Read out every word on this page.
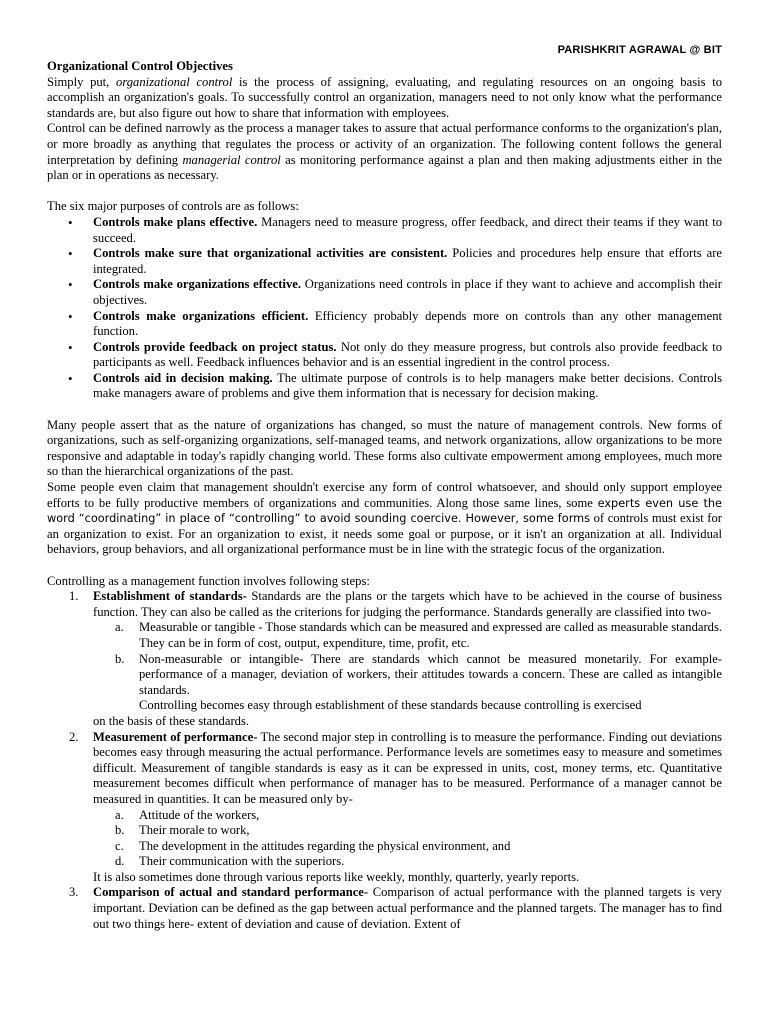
PARISHKRIT AGRAWAL @ BIT

Organizational Control Objectives

Simply put, organizational control is the process of assigning, evaluating, and regulating resources on an ongoing basis to accomplish an organization's goals. To successfully control an organization, managers need to not only know what the performance standards are, but also figure out how to share that information with employees.

Control can be defined narrowly as the process a manager takes to assure that actual performance conforms to the organization's plan, or more broadly as anything that regulates the process or activity of an organization. The following content follows the general interpretation by defining managerial control as monitoring performance against a plan and then making adjustments either in the plan or in operations as necessary.

The six major purposes of controls are as follows:

• Controls make plans effective. Managers need to measure progress, offer feedback, and direct their teams if they want to succeed.
• Controls make sure that organizational activities are consistent. Policies and procedures help ensure that efforts are integrated.
• Controls make organizations effective. Organizations need controls in place if they want to achieve and accomplish their objectives.
• Controls make organizations efficient. Efficiency probably depends more on controls than any other management function.
• Controls provide feedback on project status. Not only do they measure progress, but controls also provide feedback to participants as well. Feedback influences behavior and is an essential ingredient in the control process.
• Controls aid in decision making. The ultimate purpose of controls is to help managers make better decisions. Controls make managers aware of problems and give them information that is necessary for decision making.

Many people assert that as the nature of organizations has changed, so must the nature of management controls. New forms of organizations, such as self-organizing organizations, self-managed teams, and network organizations, allow organizations to be more responsive and adaptable in today's rapidly changing world. These forms also cultivate empowerment among employees, much more so than the hierarchical organizations of the past.

Some people even claim that management shouldn't exercise any form of control whatsoever, and should only support employee efforts to be fully productive members of organizations and communities. Along those same lines, some experts even use the word “coordinating” in place of “controlling” to avoid sounding coercive. However, some forms of controls must exist for an organization to exist. For an organization to exist, it needs some goal or purpose, or it isn't an organization at all. Individual behaviors, group behaviors, and all organizational performance must be in line with the strategic focus of the organization.

Controlling as a management function involves following steps:

1. Establishment of standards- Standards are the plans or the targets which have to be achieved in the course of business function. They can also be called as the criterions for judging the performance. Standards generally are classified into two-
a. Measurable or tangible - Those standards which can be measured and expressed are called as measurable standards. They can be in form of cost, output, expenditure, time, profit, etc.
b. Non-measurable or intangible- There are standards which cannot be measured monetarily. For example- performance of a manager, deviation of workers, their attitudes towards a concern. These are called as intangible standards.

Controlling becomes easy through establishment of these standards because controlling is exercised

on the basis of these standards.

2. Measurement of performance- The second major step in controlling is to measure the performance. Finding out deviations becomes easy through measuring the actual performance. Performance levels are sometimes easy to measure and sometimes difficult. Measurement of tangible standards is easy as it can be expressed in units, cost, money terms, etc. Quantitative measurement becomes difficult when performance of manager has to be measured. Performance of a manager cannot be measured in quantities. It can be measured only by-
a. Attitude of the workers,
b. Their morale to work,
c. The development in the attitudes regarding the physical environment, and
d. Their communication with the superiors.

It is also sometimes done through various reports like weekly, monthly, quarterly, yearly reports.

3. Comparison of actual and standard performance- Comparison of actual performance with the planned targets is very important. Deviation can be defined as the gap between actual performance and the planned targets. The manager has to find out two things here- extent of deviation and cause of deviation. Extent of
